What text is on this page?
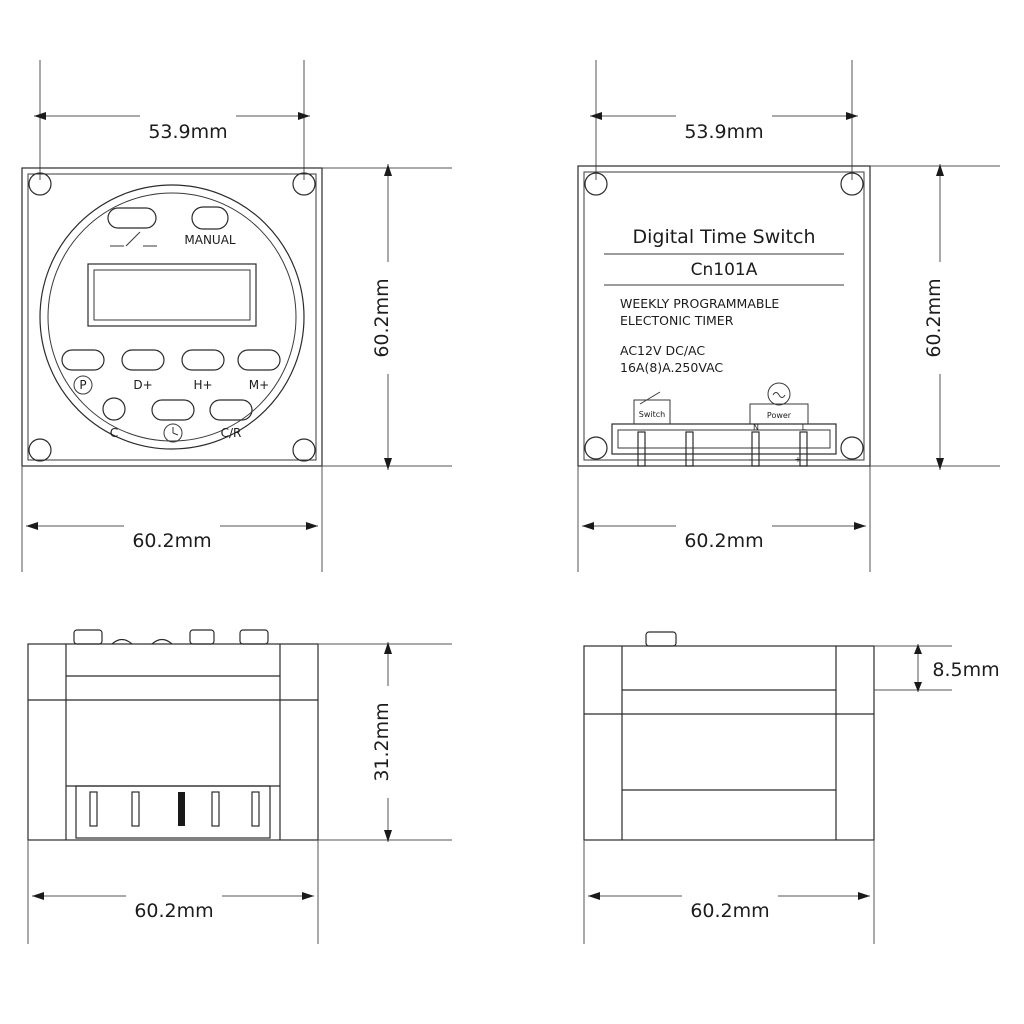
MANUAL
P	D+	H+	M+
C	C/R
Digital Time Switch
Cn101A
WEEKLY PROGRAMMABLE
ELECTONIC TIMER
AC12V DC/AC
16A(8)A.250VAC
Switch	Power
N	L
-	+
53.9mm
60.2mm
60.2mm
53.9mm
60.2mm
60.2mm
31.2mm
60.2mm
8.5mm
60.2mm
